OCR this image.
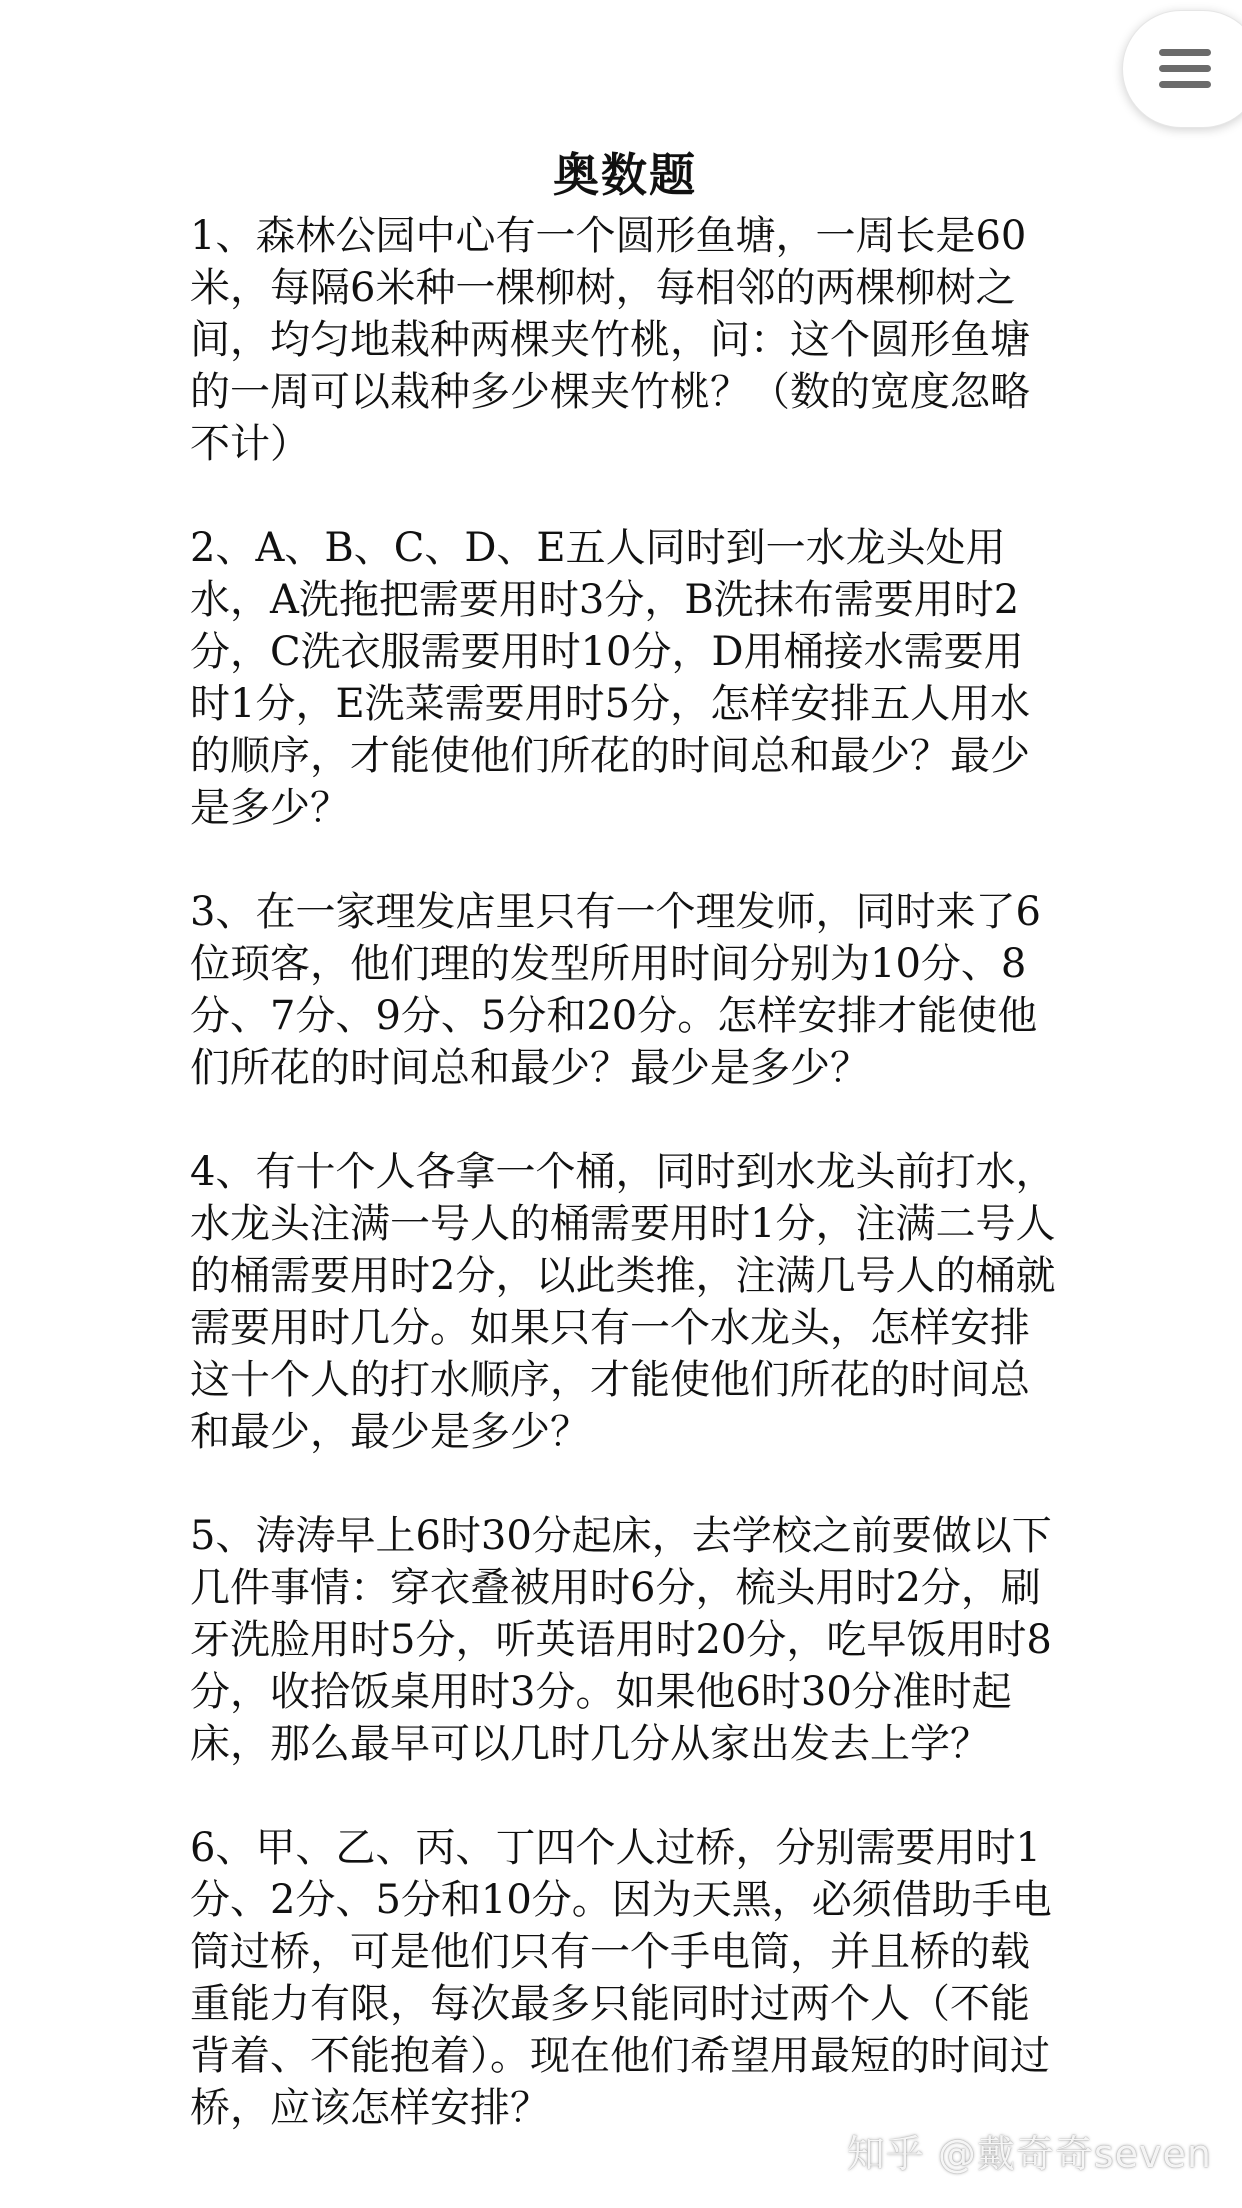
奥数题

1、森林公园中心有一个圆形鱼塘，一周长是60米，每隔6米种一棵柳树，每相邻的两棵柳树之间，均匀地栽种两棵夹竹桃，问：这个圆形鱼塘的一周可以栽种多少棵夹竹桃？（数的宽度忽略不计）

2、A、B、C、D、E五人同时到一水龙头处用水，A洗拖把需要用时3分，B洗抹布需要用时2分，C洗衣服需要用时10分，D用桶接水需要用时1分，E洗菜需要用时5分，怎样安排五人用水的顺序，才能使他们所花的时间总和最少？最少是多少？

3、在一家理发店里只有一个理发师，同时来了6位顼客，他们理的发型所用时间分别为10分、8分、7分、9分、5分和20分。怎样安排才能使他们所花的时间总和最少？最少是多少？

4、有十个人各拿一个桶，同时到水龙头前打水，水龙头注满一号人的桶需要用时1分，注满二号人的桶需要用时2分，以此类推，注满几号人的桶就需要用时几分。如果只有一个水龙头，怎样安排这十个人的打水顺序，才能使他们所花的时间总和最少，最少是多少？

5、涛涛早上6时30分起床，去学校之前要做以下几件事情：穿衣叠被用时6分，梳头用时2分，刷牙洗脸用时5分，听英语用时20分，吃早饭用时8分，收拾饭桌用时3分。如果他6时30分准时起床，那么最早可以几时几分从家出发去上学？

6、甲、乙、丙、丁四个人过桥，分别需要用时1分、2分、5分和10分。因为天黑，必须借助手电筒过桥，可是他们只有一个手电筒，并且桥的载重能力有限，每次最多只能同时过两个人（不能背着、不能抱着）。现在他们希望用最短的时间过桥，应该怎样安排？

知乎 @戴奇奇seven
